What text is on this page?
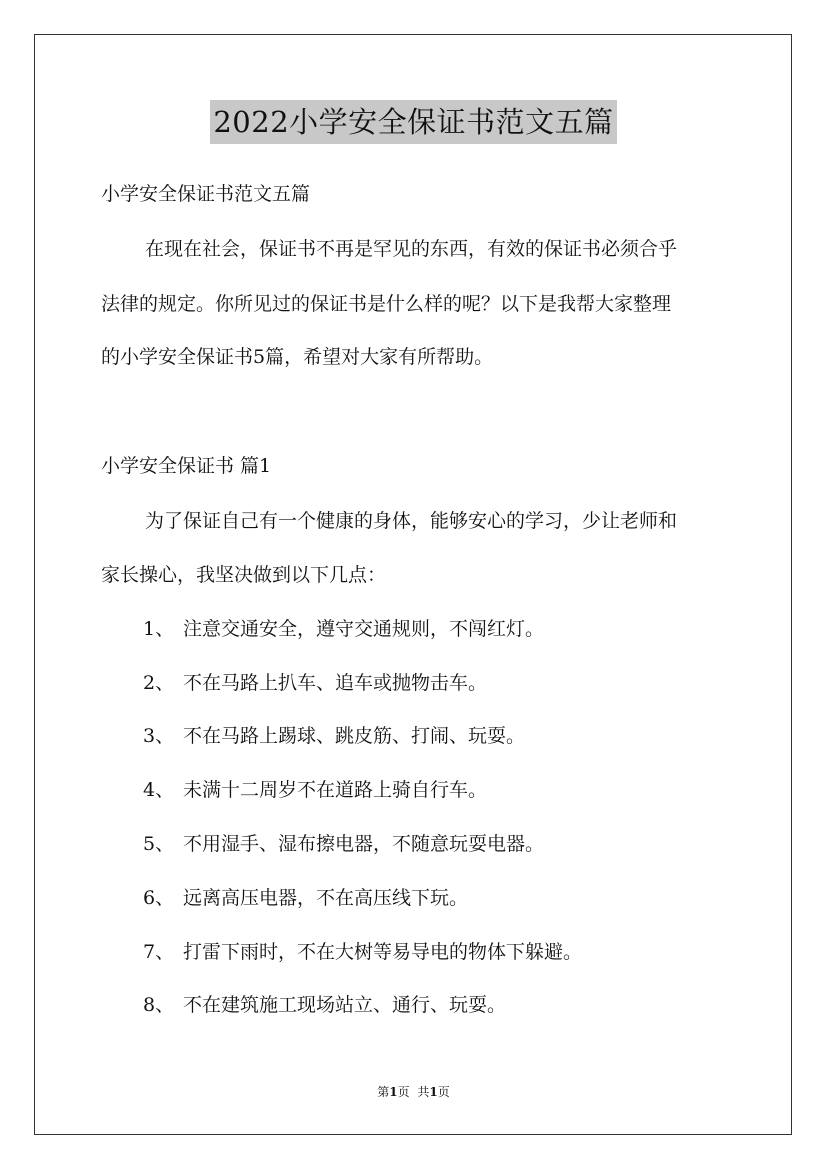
2022小学安全保证书范文五篇

小学安全保证书范文五篇

在现在社会，保证书不再是罕见的东西，有效的保证书必须合乎

法律的规定。你所见过的保证书是什么样的呢？以下是我帮大家整理

的小学安全保证书5篇，希望对大家有所帮助。

小学安全保证书 篇1

为了保证自己有一个健康的身体，能够安心的学习，少让老师和

家长操心，我坚决做到以下几点：

1、 注意交通安全，遵守交通规则，不闯红灯。
2、 不在马路上扒车、追车或抛物击车。
3、 不在马路上踢球、跳皮筋、打闹、玩耍。
4、 未满十二周岁不在道路上骑自行车。
5、 不用湿手、湿布擦电器，不随意玩耍电器。
6、 远离高压电器，不在高压线下玩。
7、 打雷下雨时，不在大树等易导电的物体下躲避。
8、 不在建筑施工现场站立、通行、玩耍。
第1页 共1页
